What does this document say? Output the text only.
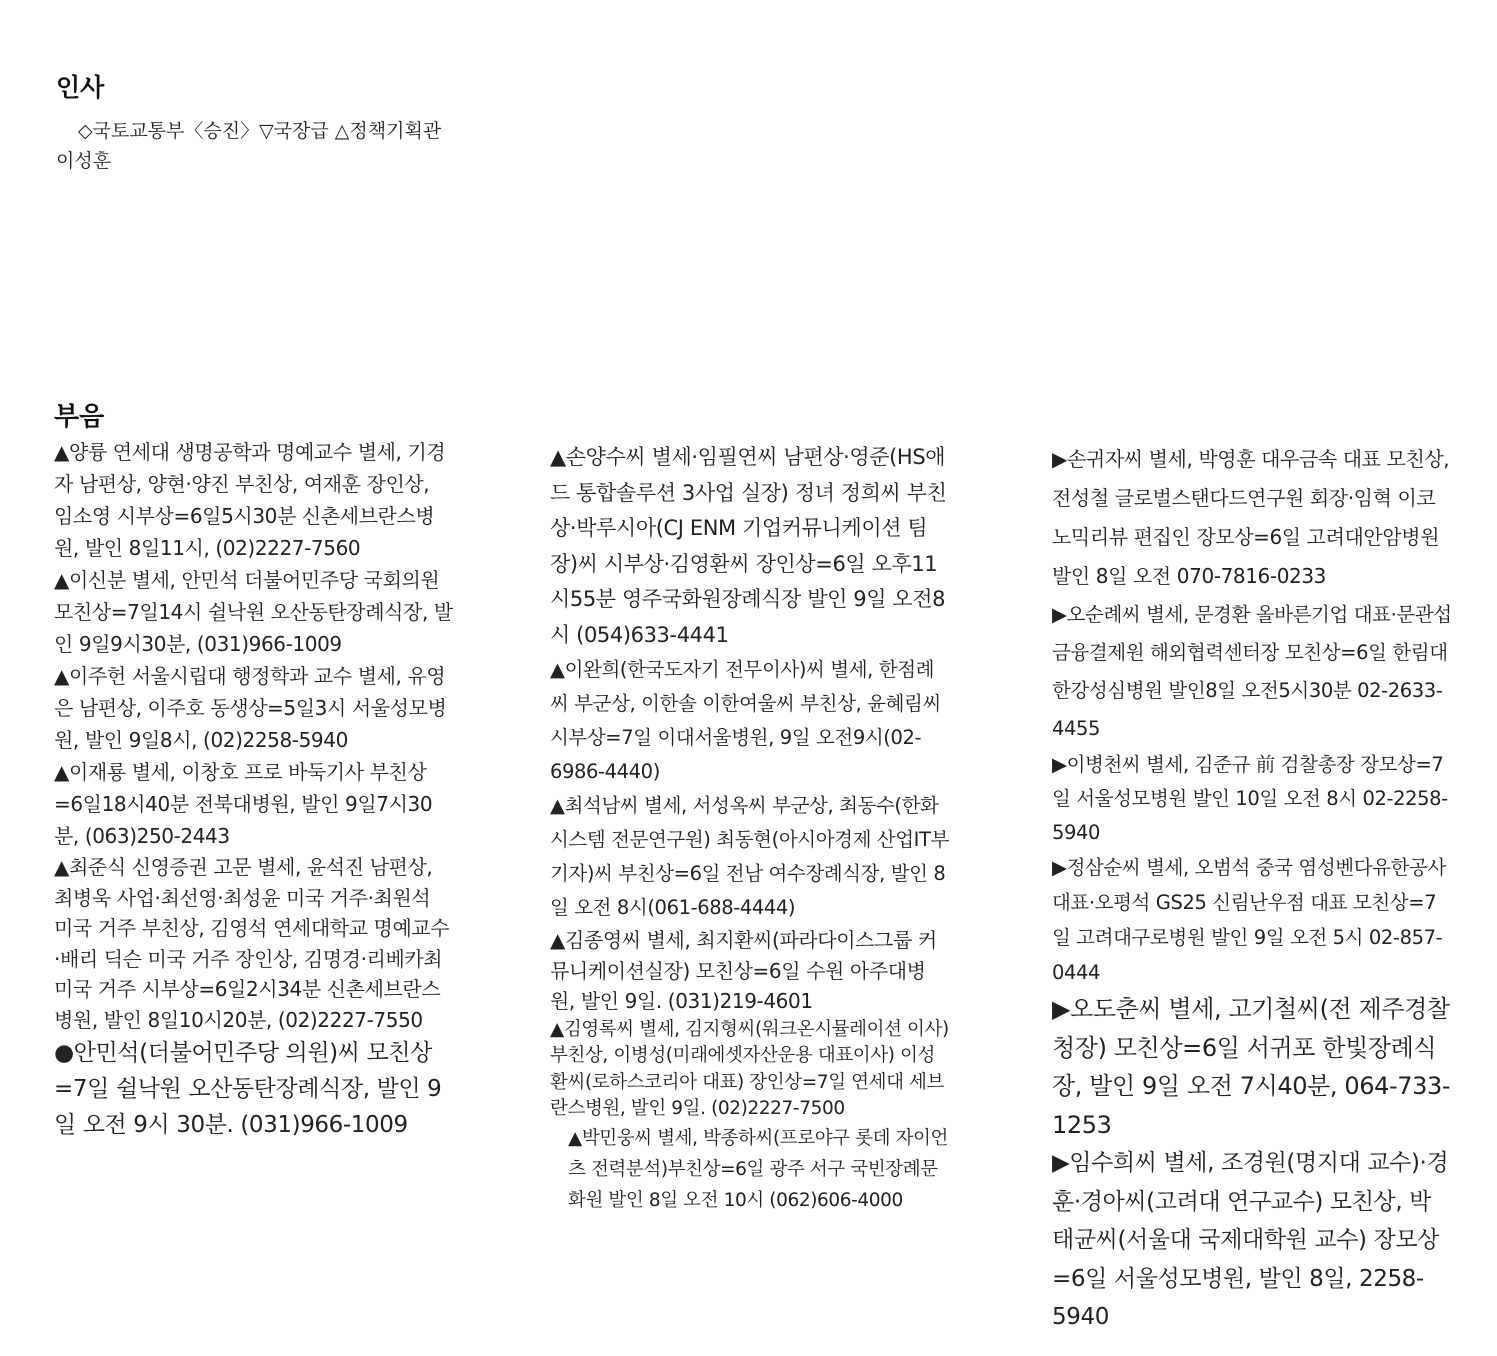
인사
◇국토교통부〈승진〉▽국장급 △정책기획관
이성훈
부음

▲양륭 연세대 생명공학과 명예교수 별세, 기경자 남편상, 양현·양진 부친상, 여재훈 장인상, 임소영 시부상=6일5시30분 신촌세브란스병원, 발인 8일11시, (02)2227-7560

▲이신분 별세, 안민석 더불어민주당 국회의원 모친상=7일14시 쉴낙원 오산동탄장례식장, 발인 9일9시30분, (031)966-1009

▲이주헌 서울시립대 행정학과 교수 별세, 유영은 남편상, 이주호 동생상=5일3시 서울성모병원, 발인 9일8시, (02)2258-5940

▲이재룡 별세, 이창호 프로 바둑기사 부친상=6일18시40분 전북대병원, 발인 9일7시30분, (063)250-2443

▲최준식 신영증권 고문 별세, 윤석진 남편상, 최병욱 사업·최선영·최성윤 미국 거주·최원석 미국 거주 부친상, 김영석 연세대학교 명예교수·배리 딕슨 미국 거주 장인상, 김명경·리베카최 미국 거주 시부상=6일2시34분 신촌세브란스병원, 발인 8일10시20분, (02)2227-7550

●안민석(더불어민주당 의원)씨 모친상=7일 쉴낙원 오산동탄장례식장, 발인 9일 오전 9시 30분. (031)966-1009

▲손양수씨 별세·임필연씨 남편상·영준(HS애드 통합솔루션 3사업 실장) 정녀 정희씨 부친상·박루시아(CJ ENM 기업커뮤니케이션 팀장)씨 시부상·김영환씨 장인상=6일 오후11시55분 영주국화원장례식장 발인 9일 오전8시 (054)633-4441

▲이완희(한국도자기 전무이사)씨 별세, 한점례씨 부군상, 이한솔 이한여울씨 부친상, 윤혜림씨 시부상=7일 이대서울병원, 9일 오전9시(02-6986-4440)

▲최석남씨 별세, 서성옥씨 부군상, 최동수(한화시스템 전문연구원) 최동현(아시아경제 산업IT부 기자)씨 부친상=6일 전남 여수장례식장, 발인 8일 오전 8시(061-688-4444)

▲김종영씨 별세, 최지환씨(파라다이스그룹 커뮤니케이션실장) 모친상=6일 수원 아주대병원, 발인 9일. (031)219-4601

▲김영록씨 별세, 김지형씨(워크온시뮬레이션 이사) 부친상, 이병성(미래에셋자산운용 대표이사) 이성환씨(로하스코리아 대표) 장인상=7일 연세대 세브란스병원, 발인 9일. (02)2227-7500

▲박민웅씨 별세, 박종하씨(프로야구 롯데 자이언츠 전력분석)부친상=6일 광주 서구 국빈장례문화원 발인 8일 오전 10시 (062)606-4000

▶손귀자씨 별세, 박영훈 대우금속 대표 모친상, 전성철 글로벌스탠다드연구원 회장·임혁 이코노믹리뷰 편집인 장모상=6일 고려대안암병원 발인 8일 오전 070-7816-0233

▶오순례씨 별세, 문경환 올바른기업 대표·문관섭 금융결제원 해외협력센터장 모친상=6일 한림대 한강성심병원 발인8일 오전5시30분 02-2633-4455

▶이병천씨 별세, 김준규 前 검찰총장 장모상=7일 서울성모병원 발인 10일 오전 8시 02-2258-5940

▶정삼순씨 별세, 오범석 중국 염성벤다유한공사 대표·오평석 GS25 신림난우점 대표 모친상=7일 고려대구로병원 발인 9일 오전 5시 02-857-0444

▶오도춘씨 별세, 고기철씨(전 제주경찰청장) 모친상=6일 서귀포 한빛장례식장, 발인 9일 오전 7시40분, 064-733-1253

▶임수희씨 별세, 조경원(명지대 교수)·경훈·경아씨(고려대 연구교수) 모친상, 박태균씨(서울대 국제대학원 교수) 장모상=6일 서울성모병원, 발인 8일, 2258-5940
